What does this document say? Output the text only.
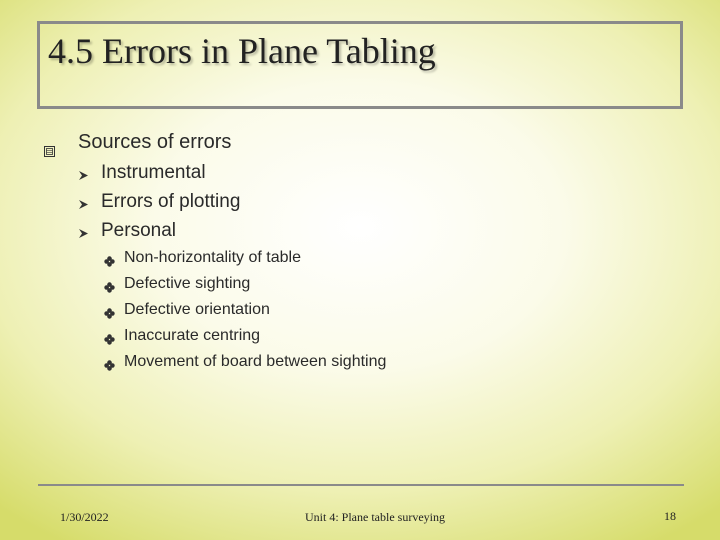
4.5 Errors in Plane Tabling
Sources of errors
Instrumental
Errors of plotting
Personal
Non-horizontality of table
Defective sighting
Defective orientation
Inaccurate centring
Movement of board between sighting
1/30/2022	Unit 4: Plane table surveying	18
